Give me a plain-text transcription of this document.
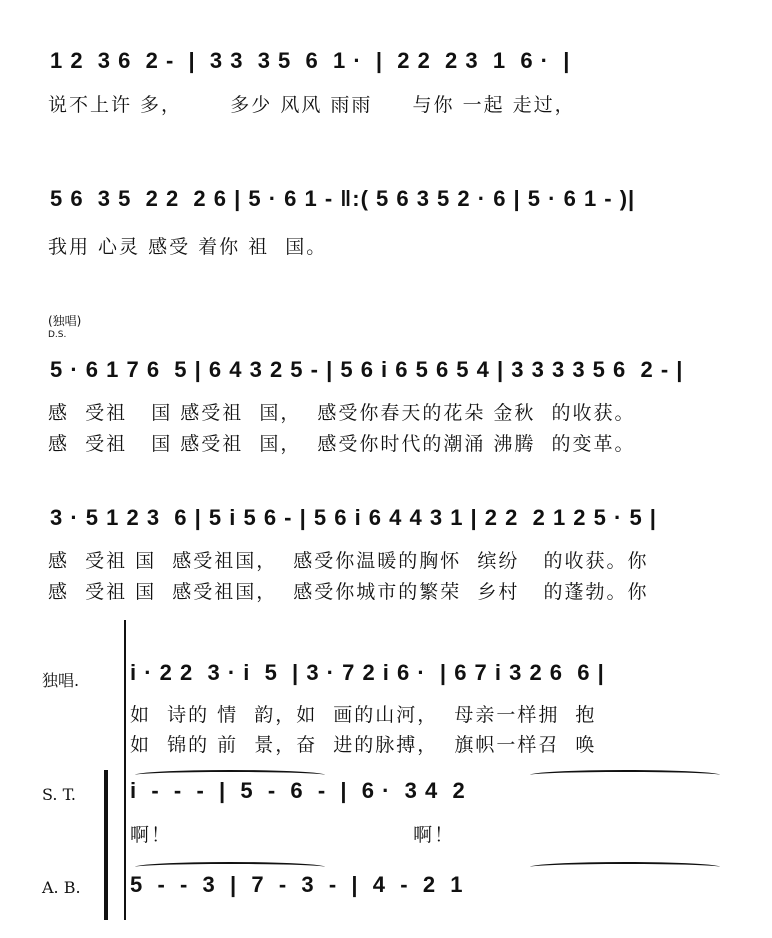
1 2  3 6  2 -  |  3 3  3 5  6  1 ·  |  2 2  2 3  1  6 ·  |
说不上许 多，      多少 风风 雨雨     与你 一起 走过，
5 6  3 5  2 2  2 6 | 5 · 6 1 - ‖:( 5 6 3 5 2 · 6 | 5 · 6 1 - )|
我用 心灵 感受 着你 祖  国。
(独唱)
D.S.
5 · 6 1 7 6  5 | 6 4 3 2 5 - | 5 6 i 6 5 6 5 4 | 3 3 3 3 5 6  2 - |
感  受祖   国 感受祖  国，  感受你春天的花朵 金秋  的收获。
感  受祖   国 感受祖  国，  感受你时代的潮涌 沸腾  的变革。
3 · 5 1 2 3  6 | 5 i 5 6 - | 5 6 i 6 4 4 3 1 | 2 2  2 1 2 5 · 5 |
感  受祖 国  感受祖国，  感受你温暖的胸怀  缤纷   的收获。你
感  受祖 国  感受祖国，  感受你城市的繁荣  乡村   的蓬勃。你
独唱. i · 2 2  3 · i  5  | 3 · 7 2 i 6 ·  | 6 7 i 3 2 6  6 |
如  诗的 情  韵，如  画的山河，  母亲一样拥  抱
如  锦的 前  景，奋  进的脉搏，  旗帜一样召  唤
S. T. i  -  -  -  |  5  -  6  -  |  6 ·  3 4  2
啊！                              啊！
A. B. 5  -  -  3  |  7  -  3  -  |  4  -  2  1
